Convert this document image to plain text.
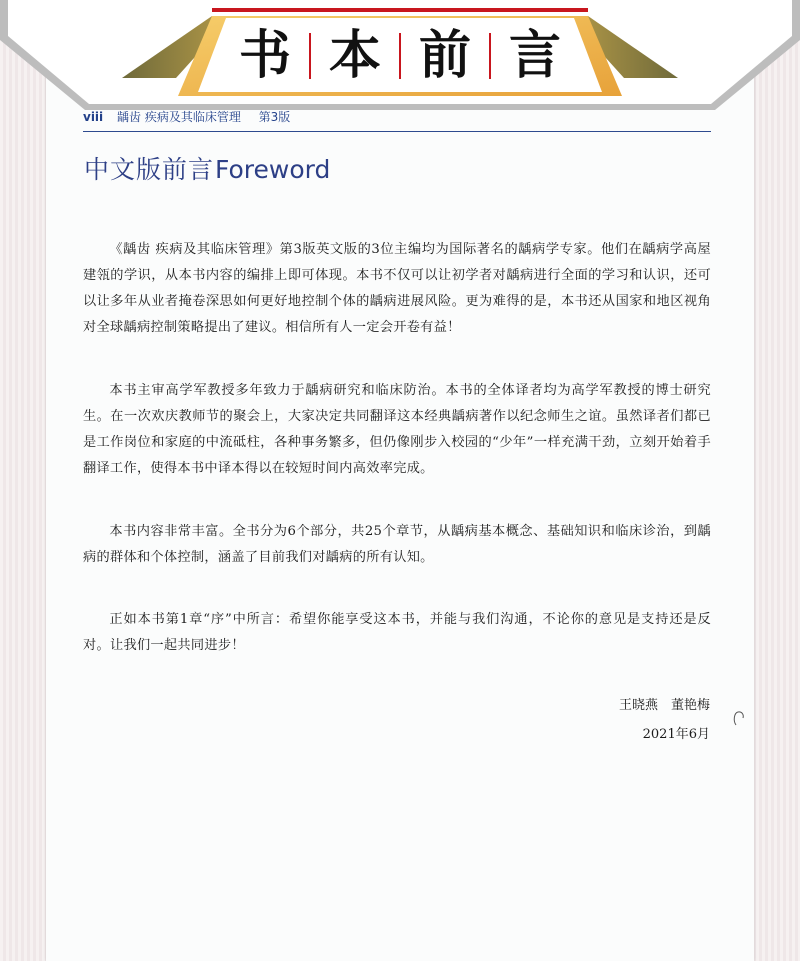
书 本 前 言
viii 龋齿 疾病及其临床管理 第3版
中文版前言Foreword

《龋齿 疾病及其临床管理》第3版英文版的3位主编均为国际著名的龋病学专家。他们在龋病学高屋建瓴的学识，从本书内容的编排上即可体现。本书不仅可以让初学者对龋病进行全面的学习和认识，还可以让多年从业者掩卷深思如何更好地控制个体的龋病进展风险。更为难得的是，本书还从国家和地区视角对全球龋病控制策略提出了建议。相信所有人一定会开卷有益！

本书主审高学军教授多年致力于龋病研究和临床防治。本书的全体译者均为高学军教授的博士研究生。在一次欢庆教师节的聚会上，大家决定共同翻译这本经典龋病著作以纪念师生之谊。虽然译者们都已是工作岗位和家庭的中流砥柱，各种事务繁多，但仍像刚步入校园的“少年”一样充满干劲，立刻开始着手翻译工作，使得本书中译本得以在较短时间内高效率完成。

本书内容非常丰富。全书分为6个部分，共25个章节，从龋病基本概念、基础知识和临床诊治，到龋病的群体和个体控制，涵盖了目前我们对龋病的所有认知。

正如本书第1章“序”中所言：希望你能享受这本书，并能与我们沟通，不论你的意见是支持还是反对。让我们一起共同进步！

王晓燕　董艳梅
2021年6月
